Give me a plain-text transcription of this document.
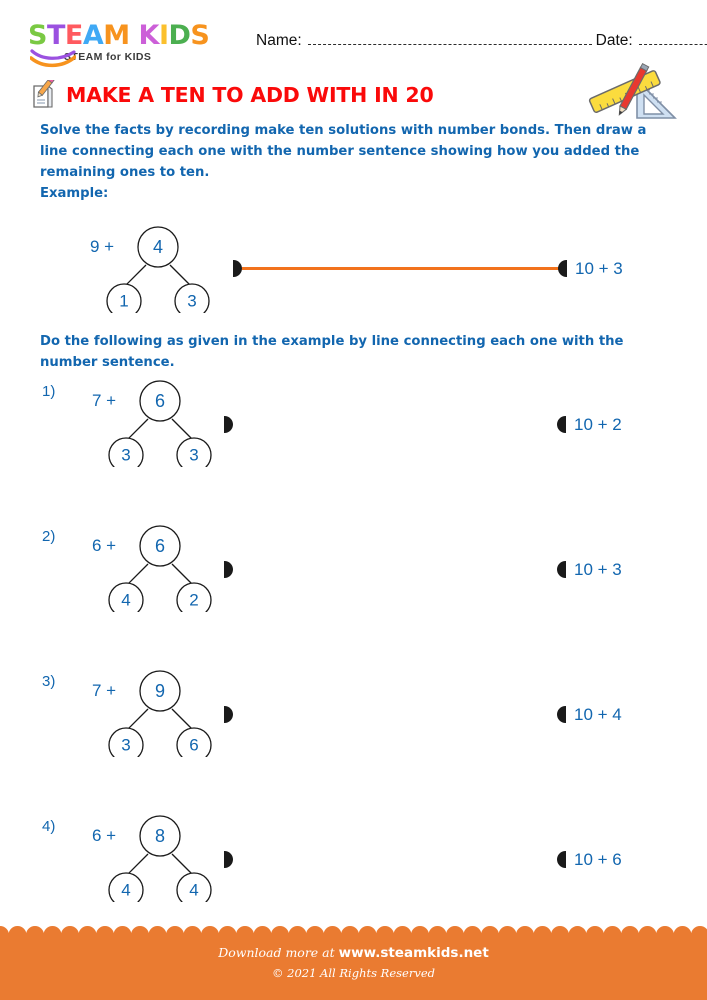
STEAM KIDS
STEAM for KIDS
Name:	Date:
MAKE A TEN TO ADD WITH IN 20
Solve the facts by recording make ten solutions with number bonds. Then draw a line connecting each one with the number sentence showing how you added the remaining ones to ten.
Example:
9 + 4
1	3
10 + 3
Do the following as given in the example by line connecting each one with the number sentence.
1) 7 + 6
3	3
10 + 2
2) 6 + 6
4	2
10 + 3
3) 7 + 9
3	6
10 + 4
4) 6 + 8
4	4
10 + 6
Download more at www.steamkids.net
© 2021 All Rights Reserved
